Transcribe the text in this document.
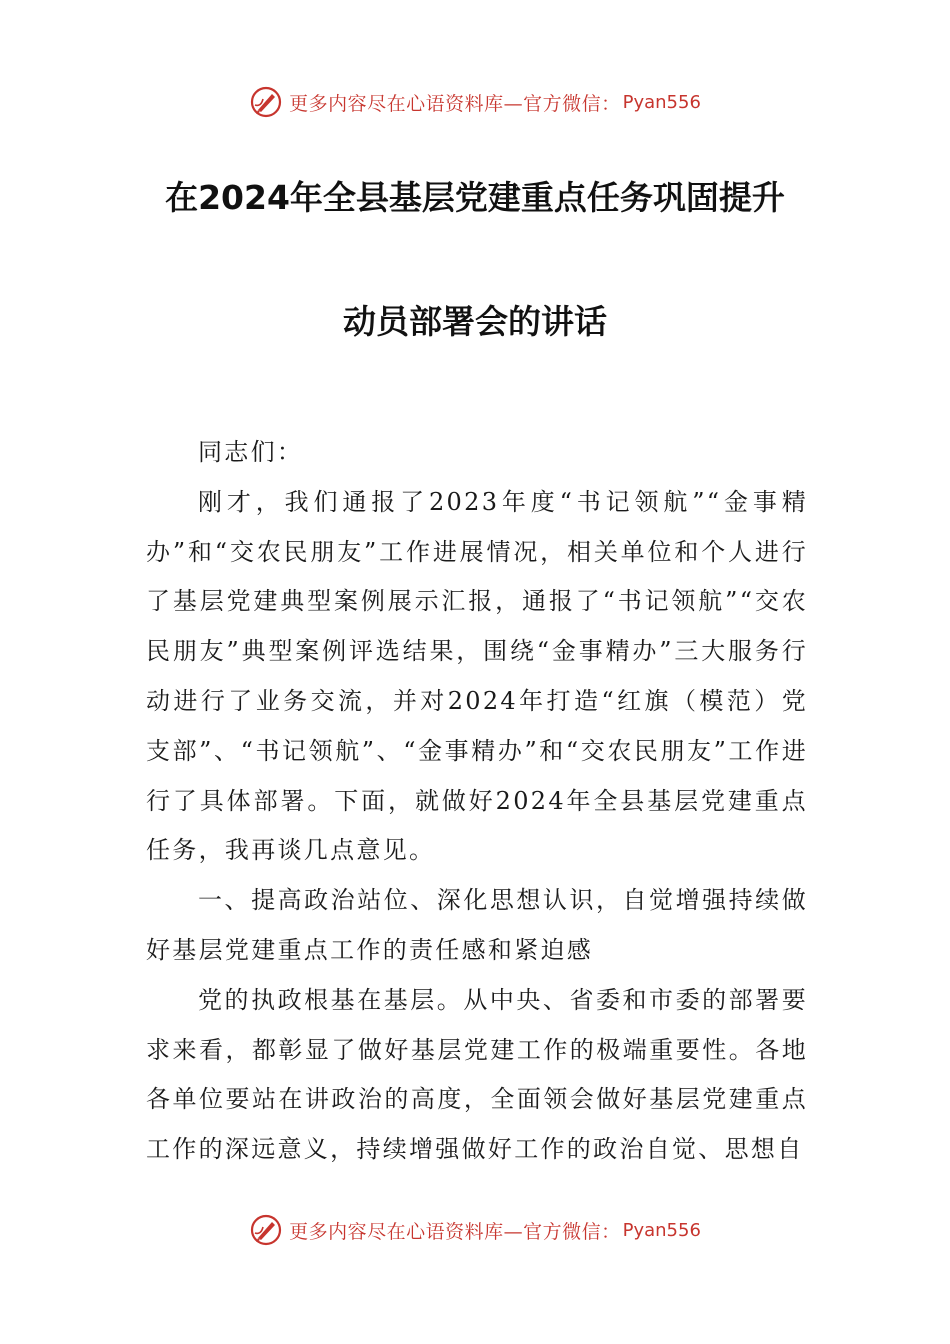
更多内容尽在心语资料库—官方微信： Pyan556
在2024年全县基层党建重点任务巩固提升
动员部署会的讲话

同志们：

刚才，我们通报了2023年度“书记领航”“金事精办”和“交农民朋友”工作进展情况，相关单位和个人进行了基层党建典型案例展示汇报，通报了“书记领航”“交农民朋友”典型案例评选结果，围绕“金事精办”三大服务行动进行了业务交流，并对2024年打造“红旗（模范）党支部”、“书记领航”、“金事精办”和“交农民朋友”工作进行了具体部署。下面，就做好2024年全县基层党建重点任务，我再谈几点意见。

一、提高政治站位、深化思想认识，自觉增强持续做好基层党建重点工作的责任感和紧迫感

党的执政根基在基层。从中央、省委和市委的部署要求来看，都彰显了做好基层党建工作的极端重要性。各地各单位要站在讲政治的高度，全面领会做好基层党建重点工作的深远意义，持续增强做好工作的政治自觉、思想自

更多内容尽在心语资料库—官方微信： Pyan556
